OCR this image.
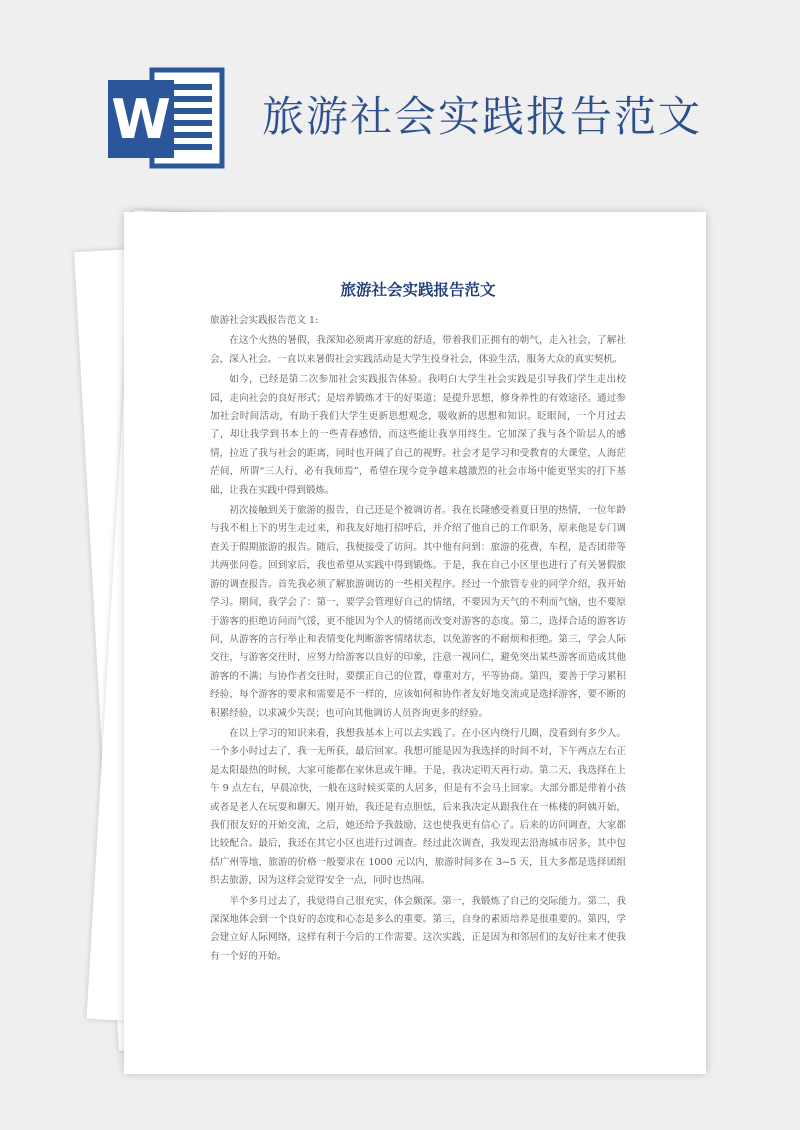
W 旅游社会实践报告范文
旅游社会实践报告范文

旅游社会实践报告范文 1:

在这个火热的暑假，我深知必须离开家庭的舒适，带着我们正拥有的朝气，走入社会，了解社会，深入社会。一直以来暑假社会实践活动是大学生投身社会，体验生活，服务大众的真实契机。

如今，已经是第二次参加社会实践报告体验。我明白大学生社会实践是引导我们学生走出校园，走向社会的良好形式；是培养锻炼才干的好渠道；是提升思想，修身养性的有效途径。通过参加社会时间活动，有助于我们大学生更新思想观念，吸收新的思想和知识。眨眼间，一个月过去了，却让我学到书本上的一些青春感悟，而这些能让我享用终生。它加深了我与各个阶层人的感情，拉近了我与社会的距离，同时也开阔了自己的视野。社会才是学习和受教育的大课堂，人海茫茫间，所谓“三人行，必有我师焉”，希望在现今竞争越来越激烈的社会市场中能更坚实的打下基础，让我在实践中得到锻炼。

初次接触到关于旅游的报告，自己还是个被调访者。我在长隆感受着夏日里的热情，一位年龄与我不相上下的男生走过来，和我友好地打招呼后，并介绍了他自己的工作职务，原来他是专门调查关于假期旅游的报告。随后，我便接受了访问。其中他有问到：旅游的花费，车程，是否团带等共两张问卷。回到家后，我也希望从实践中得到锻炼。于是，我在自己小区里也进行了有关暑假旅游的调查报告。首先我必须了解旅游调访的一些相关程序。经过一个旅管专业的同学介绍，我开始学习。期间，我学会了：第一，要学会管理好自己的情绪，不要因为天气的不利而气恼，也不要原于游客的拒绝访问而气馁，更不能因为个人的情绪而改变对游客的态度。第二，选择合适的游客访问，从游客的言行举止和表情变化判断游客情绪状态，以免游客的不耐烦和拒绝。第三，学会人际交往，与游客交往时，应努力给游客以良好的印象，注意一视同仁，避免突出某些游客而造成其他游客的不满；与协作者交往时，要摆正自己的位置，尊重对方，平等协商。第四，要善于学习累积经验，每个游客的要求和需要是不一样的，应该如何和协作者友好地交流或是选择游客，要不断的积累经验，以求减少失误；也可向其他调访人员咨询更多的经验。

在以上学习的知识来看，我想我基本上可以去实践了。在小区内绕行几圈，没看到有多少人。一个多小时过去了，我一无所获，最后回家。我想可能是因为我选择的时间不对，下午两点左右正是太阳最热的时候，大家可能都在家休息或午睡。于是，我决定明天再行动。第二天，我选择在上午 9 点左右，早晨凉快，一般在这时候买菜的人居多，但是有不会马上回家。大部分都是带着小孩或者是老人在玩耍和聊天。刚开始，我还是有点胆怯，后来我决定从跟我住在一栋楼的阿姨开始，我们很友好的开始交流，之后，她还给予我鼓励，这也使我更有信心了。后来的访问调查，大家都比较配合。最后，我还在其它小区也进行过调查。经过此次调查，我发现去沿海城市居多，其中包括广州等地，旅游的价格一般要求在 1000 元以内，旅游时间多在 3~5 天，且大多都是选择团组织去旅游，因为这样会觉得安全一点，同时也热闹。

半个多月过去了，我觉得自己很充实，体会颇深。第一，我锻炼了自己的交际能力。第二，我深深地体会到一个良好的态度和心态是多么的重要。第三，自身的素质培养是很重要的。第四，学会建立好人际网络，这样有利于今后的工作需要。这次实践，正是因为和邻居们的友好往来才使我有一个好的开始。
